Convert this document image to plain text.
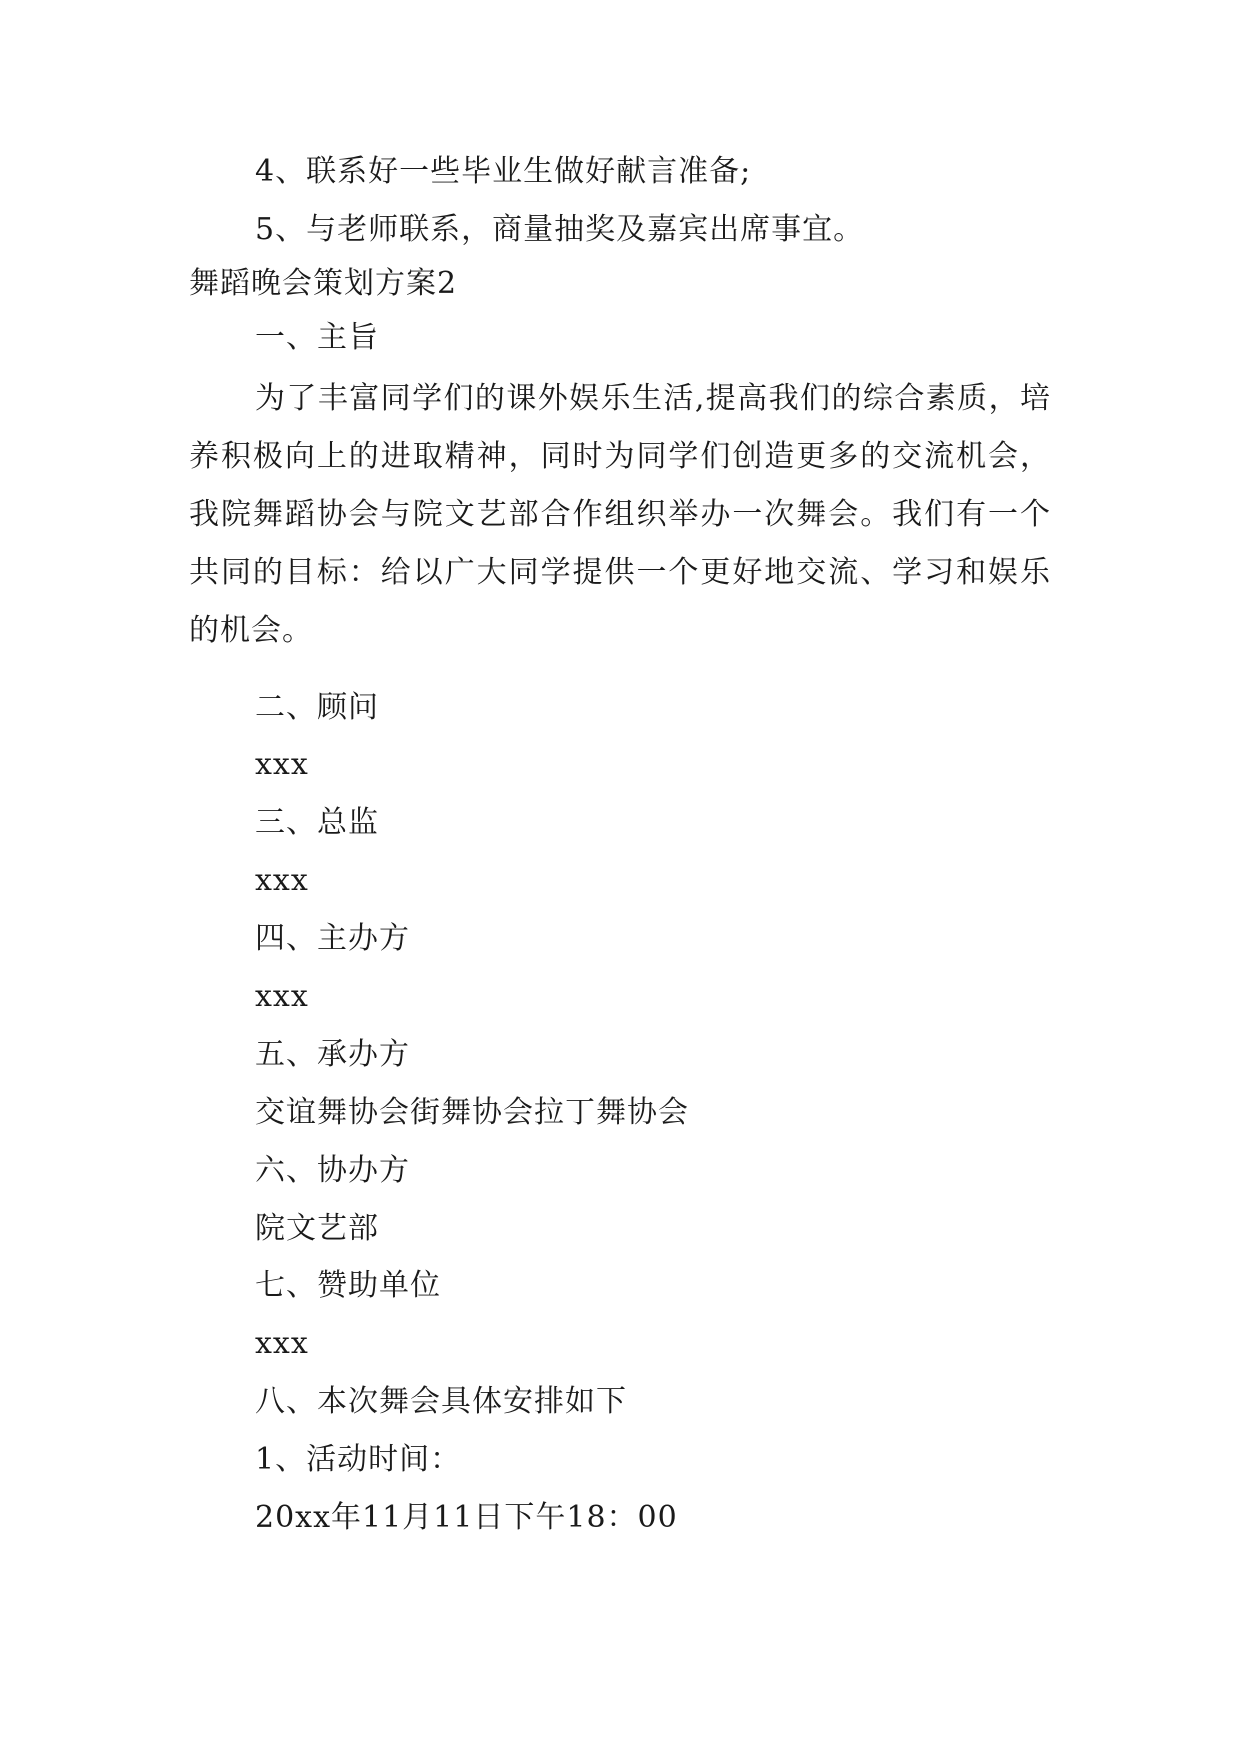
4、联系好一些毕业生做好献言准备;
5、与老师联系，商量抽奖及嘉宾出席事宜。
舞蹈晚会策划方案2
一、主旨
为了丰富同学们的课外娱乐生活,提高我们的综合素质，培养积极向上的进取精神，同时为同学们创造更多的交流机会，我院舞蹈协会与院文艺部合作组织举办一次舞会。我们有一个共同的目标：给以广大同学提供一个更好地交流、学习和娱乐的机会。
二、顾问
xxx
三、总监
xxx
四、主办方
xxx
五、承办方
交谊舞协会街舞协会拉丁舞协会
六、协办方
院文艺部
七、赞助单位
xxx
八、本次舞会具体安排如下
1、活动时间：
20xx年11月11日下午18：00
